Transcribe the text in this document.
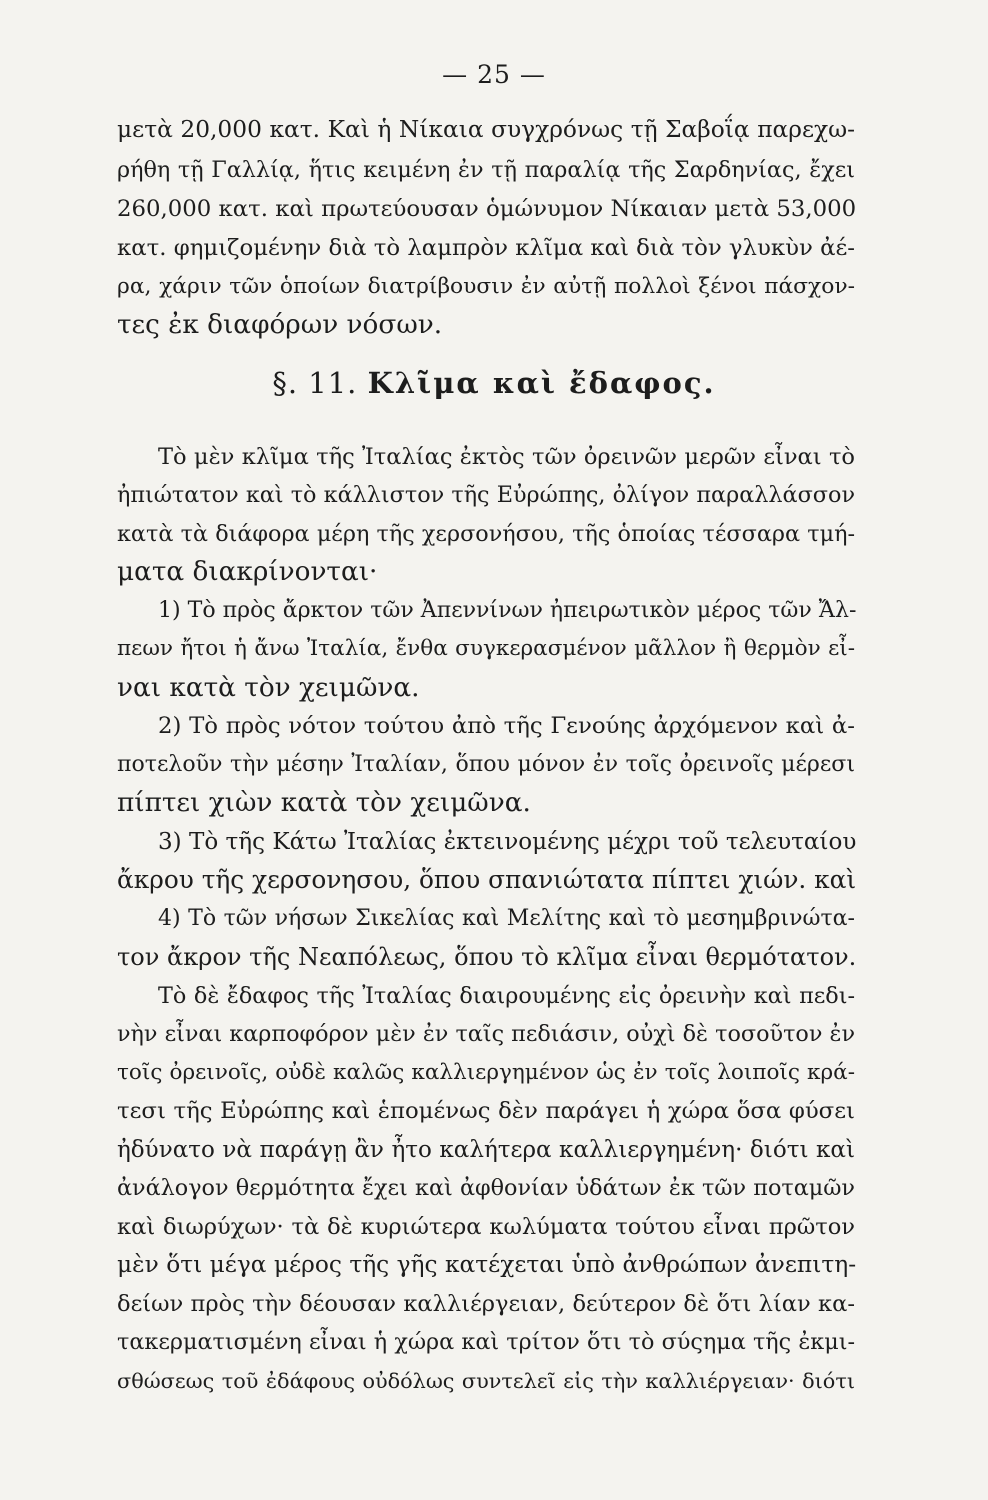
— 25 —
μετὰ 20,000 κατ. Καὶ ἡ Νίκαια συγχρόνως τῇ Σαβοΐᾳ παρεχω-
ρήθη τῇ Γαλλίᾳ, ἥτις κειμένη ἐν τῇ παραλίᾳ τῆς Σαρδηνίας, ἔχει
260,000 κατ. καὶ πρωτεύουσαν ὁμώνυμον Νίκαιαν μετὰ 53,000
κατ. φημιζομένην διὰ τὸ λαμπρὸν κλῖμα καὶ διὰ τὸν γλυκὺν ἀέ-
ρα, χάριν τῶν ὁποίων διατρίβουσιν ἐν αὐτῇ πολλοὶ ξένοι πάσχον-
τες ἐκ διαφόρων νόσων.
§. 11. Κλῖμα καὶ ἔδαφος.
Τὸ μὲν κλῖμα τῆς Ἰταλίας ἐκτὸς τῶν ὀρεινῶν μερῶν εἶναι τὸ
ἠπιώτατον καὶ τὸ κάλλιστον τῆς Εὐρώπης, ὀλίγον παραλλάσσον
κατὰ τὰ διάφορα μέρη τῆς χερσονήσου, τῆς ὁποίας τέσσαρα τμή-
ματα διακρίνονται·
1) Τὸ πρὸς ἄρκτον τῶν Ἀπεννίνων ἠπειρωτικὸν μέρος τῶν Ἄλ-
πεων ἤτοι ἡ ἄνω Ἰταλία, ἔνθα συγκερασμένον μᾶλλον ἢ θερμὸν εἶ-
ναι κατὰ τὸν χειμῶνα.
2) Τὸ πρὸς νότον τούτου ἀπὸ τῆς Γενούης ἀρχόμενον καὶ ἀ-
ποτελοῦν τὴν μέσην Ἰταλίαν, ὅπου μόνον ἐν τοῖς ὀρεινοῖς μέρεσι
πίπτει χιὼν κατὰ τὸν χειμῶνα.
3) Τὸ τῆς Κάτω Ἰταλίας ἐκτεινομένης μέχρι τοῦ τελευταίου
ἄκρου τῆς χερσονησου, ὅπου σπανιώτατα πίπτει χιών. καὶ
4) Τὸ τῶν νήσων Σικελίας καὶ Μελίτης καὶ τὸ μεσημβρινώτα-
τον ἄκρον τῆς Νεαπόλεως, ὅπου τὸ κλῖμα εἶναι θερμότατον.
Τὸ δὲ ἔδαφος τῆς Ἰταλίας διαιρουμένης εἰς ὀρεινὴν καὶ πεδι-
νὴν εἶναι καρποφόρον μὲν ἐν ταῖς πεδιάσιν, οὐχὶ δὲ τοσοῦτον ἐν
τοῖς ὀρεινοῖς, οὐδὲ καλῶς καλλιεργημένον ὡς ἐν τοῖς λοιποῖς κρά-
τεσι τῆς Εὐρώπης καὶ ἑπομένως δὲν παράγει ἡ χώρα ὅσα φύσει
ἠδύνατο νὰ παράγῃ ἂν ἦτο καλήτερα καλλιεργημένη· διότι καὶ
ἀνάλογον θερμότητα ἔχει καὶ ἀφθονίαν ὑδάτων ἐκ τῶν ποταμῶν
καὶ διωρύχων· τὰ δὲ κυριώτερα κωλύματα τούτου εἶναι πρῶτον
μὲν ὅτι μέγα μέρος τῆς γῆς κατέχεται ὑπὸ ἀνθρώπων ἀνεπιτη-
δείων πρὸς τὴν δέουσαν καλλιέργειαν, δεύτερον δὲ ὅτι λίαν κα-
τακερματισμένη εἶναι ἡ χώρα καὶ τρίτον ὅτι τὸ σύςημα τῆς ἐκμι-
σθώσεως τοῦ ἐδάφους οὐδόλως συντελεῖ εἰς τὴν καλλιέργειαν· διότι
